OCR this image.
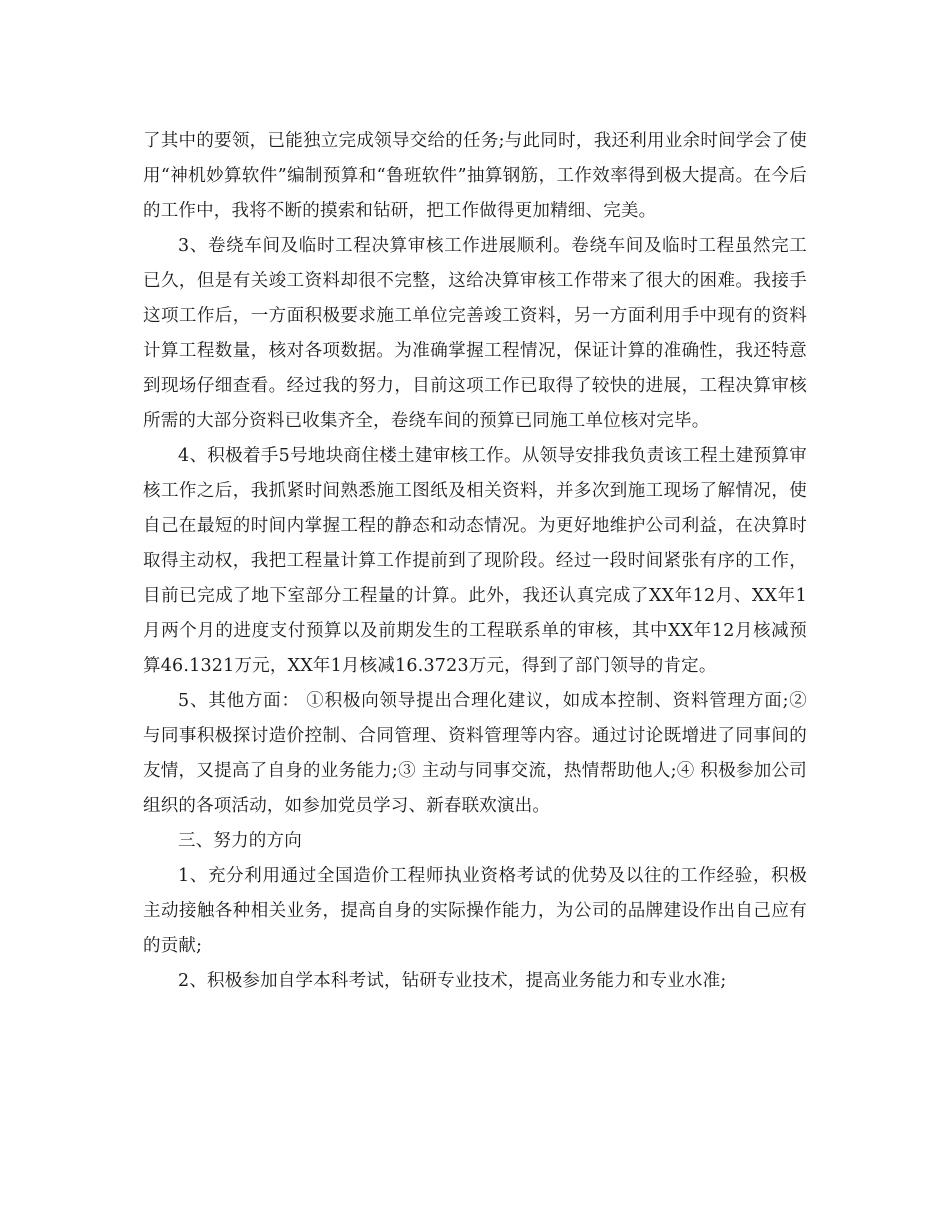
了其中的要领，已能独立完成领导交给的任务;与此同时，我还利用业余时间学会了使用“神机妙算软件”编制预算和“鲁班软件”抽算钢筋，工作效率得到极大提高。在今后的工作中，我将不断的摸索和钻研，把工作做得更加精细、完美。

3、卷绕车间及临时工程决算审核工作进展顺利。卷绕车间及临时工程虽然完工已久，但是有关竣工资料却很不完整，这给决算审核工作带来了很大的困难。我接手这项工作后，一方面积极要求施工单位完善竣工资料，另一方面利用手中现有的资料计算工程数量，核对各项数据。为准确掌握工程情况，保证计算的准确性，我还特意到现场仔细查看。经过我的努力，目前这项工作已取得了较快的进展，工程决算审核所需的大部分资料已收集齐全，卷绕车间的预算已同施工单位核对完毕。

4、积极着手5号地块商住楼土建审核工作。从领导安排我负责该工程土建预算审核工作之后，我抓紧时间熟悉施工图纸及相关资料，并多次到施工现场了解情况，使自己在最短的时间内掌握工程的静态和动态情况。为更好地维护公司利益，在决算时取得主动权，我把工程量计算工作提前到了现阶段。经过一段时间紧张有序的工作，目前已完成了地下室部分工程量的计算。此外，我还认真完成了XX年12月、XX年1月两个月的进度支付预算以及前期发生的工程联系单的审核，其中XX年12月核减预算46.1321万元，XX年1月核减16.3723万元，得到了部门领导的肯定。

5、其他方面： ①积极向领导提出合理化建议，如成本控制、资料管理方面;② 与同事积极探讨造价控制、合同管理、资料管理等内容。通过讨论既增进了同事间的友情，又提高了自身的业务能力;③ 主动与同事交流，热情帮助他人;④ 积极参加公司组织的各项活动，如参加党员学习、新春联欢演出。

三、努力的方向

1、充分利用通过全国造价工程师执业资格考试的优势及以往的工作经验，积极主动接触各种相关业务，提高自身的实际操作能力，为公司的品牌建设作出自己应有的贡献;

2、积极参加自学本科考试，钻研专业技术，提高业务能力和专业水准;
